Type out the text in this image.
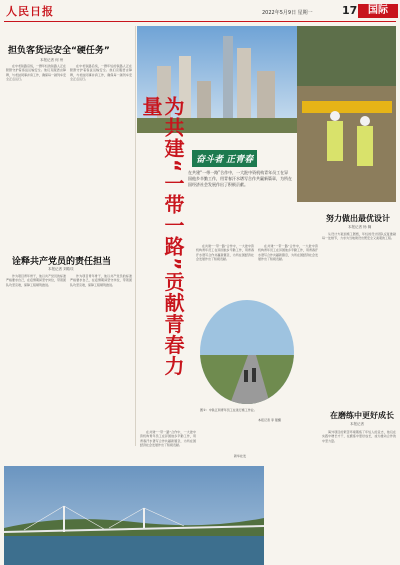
人民日报	2022年5月9日 星期一	17	国际
担负客货运安全“硬任务”
本报记者 何 州
在中老铁路沿线，一群年轻的铁路人正在默默守护着客货运输安全。他们克服语言障碍，与老挝同事并肩工作，确保每一趟列车安全正点运行。
在中老铁路沿线，一群年轻的铁路人正在默默守护着客货运输安全。他们克服语言障碍，与老挝同事并肩工作，确保每一趟列车安全正点运行。
诠释共产党员的责任担当
本报记者 刘皓琰
作为项目青年骨干，他以共产党员的标准严格要求自己，在疫情期间坚守岗位，带领团队攻坚克难，保障工程顺利推进。
作为项目青年骨干，他以共产党员的标准严格要求自己，在疫情期间坚守岗位，带领团队攻坚克难，保障工程顺利推进。	为共建“一带一路”贡献青春力量
奋斗者 正青春
在共建“一带一路”合作中，一大批中资机构青年员工在异国他乡辛勤工作，用青春汗水谱写合作共赢新篇章，为所在国经济社会发展作出了积极贡献。
在共建“一带一路”合作中，一大批中资机构青年员工在异国他乡辛勤工作，用青春汗水谱写合作共赢新篇章，为所在国经济社会发展作出了积极贡献。
在共建“一带一路”合作中，一大批中资机构青年员工在异国他乡辛勤工作，用青春汗水谱写合作共赢新篇章，为所在国经济社会发展作出了积极贡献。
努力做出最优设计
本报记者 杨 翱
从设计方案到施工图纸，年轻的设计团队反复推敲每一处细节，力求为当地建设出既安全又美观的工程。
图②：中铁五局青年员工在进行施工作业。
本报记者 李 强摄
在共建“一带一路”合作中，一大批中资机构青年员工在异国他乡辛勤工作，用青春汗水谱写合作共赢新篇章，为所在国经济社会发展作出了积极贡献。
在磨练中更好成长
本报记者
海外项目的艰苦环境锻炼了年轻人的意志，他们在实践中增长才干，在磨练中更好成长，成为推动合作的中坚力量。
新华社发
